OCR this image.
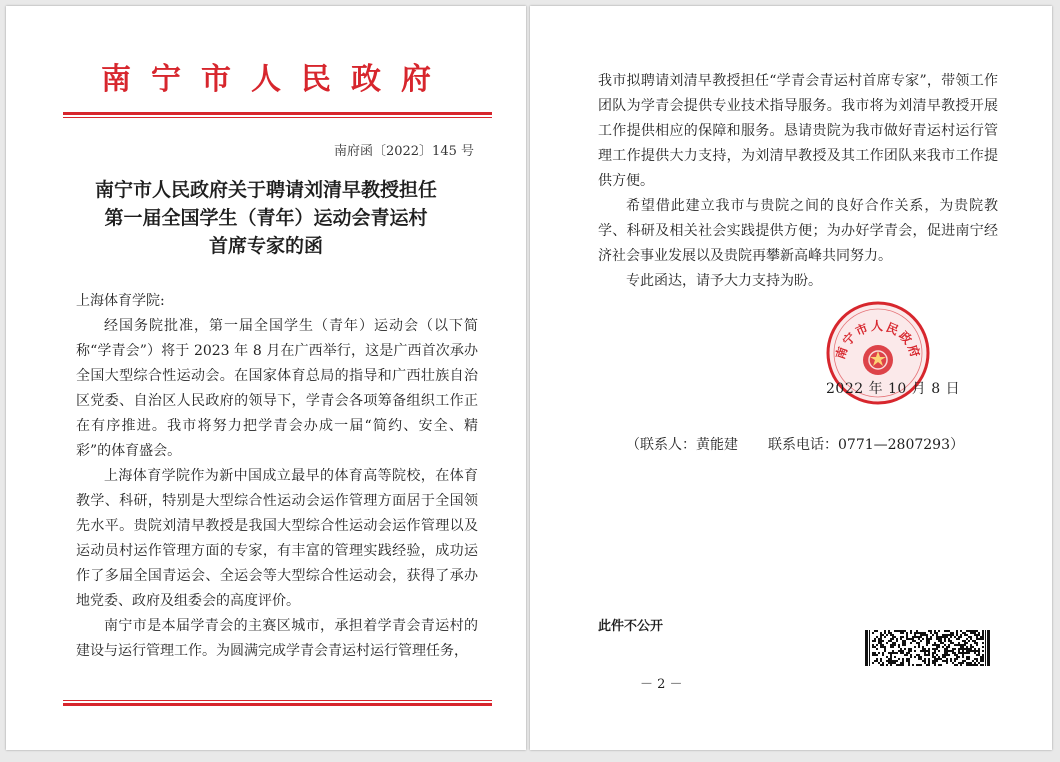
南宁市人民政府
南府函〔2022〕145 号
南宁市人民政府关于聘请刘清早教授担任
第一届全国学生（青年）运动会青运村
首席专家的函

上海体育学院:

经国务院批准，第一届全国学生（青年）运动会（以下简称“学青会”）将于 2023 年 8 月在广西举行，这是广西首次承办全国大型综合性运动会。在国家体育总局的指导和广西壮族自治区党委、自治区人民政府的领导下，学青会各项筹备组织工作正在有序推进。我市将努力把学青会办成一届“简约、安全、精彩”的体育盛会。

上海体育学院作为新中国成立最早的体育高等院校，在体育教学、科研，特别是大型综合性运动会运作管理方面居于全国领先水平。贵院刘清早教授是我国大型综合性运动会运作管理以及运动员村运作管理方面的专家，有丰富的管理实践经验，成功运作了多届全国青运会、全运会等大型综合性运动会，获得了承办地党委、政府及组委会的高度评价。

南宁市是本届学青会的主赛区城市，承担着学青会青运村的建设与运行管理工作。为圆满完成学青会青运村运行管理任务，

我市拟聘请刘清早教授担任“学青会青运村首席专家”，带领工作团队为学青会提供专业技术指导服务。我市将为刘清早教授开展工作提供相应的保障和服务。恳请贵院为我市做好青运村运行管理工作提供大力支持，为刘清早教授及其工作团队来我市工作提供方便。

希望借此建立我市与贵院之间的良好合作关系，为贵院教学、科研及相关社会实践提供方便；为办好学青会，促进南宁经济社会事业发展以及贵院再攀新高峰共同努力。

专此函达，请予大力支持为盼。

南宁市人民政府
2022 年 10 月 8 日
（联系人：黄能建 联系电话：0771—2807293）
此件不公开
－ 2 －
